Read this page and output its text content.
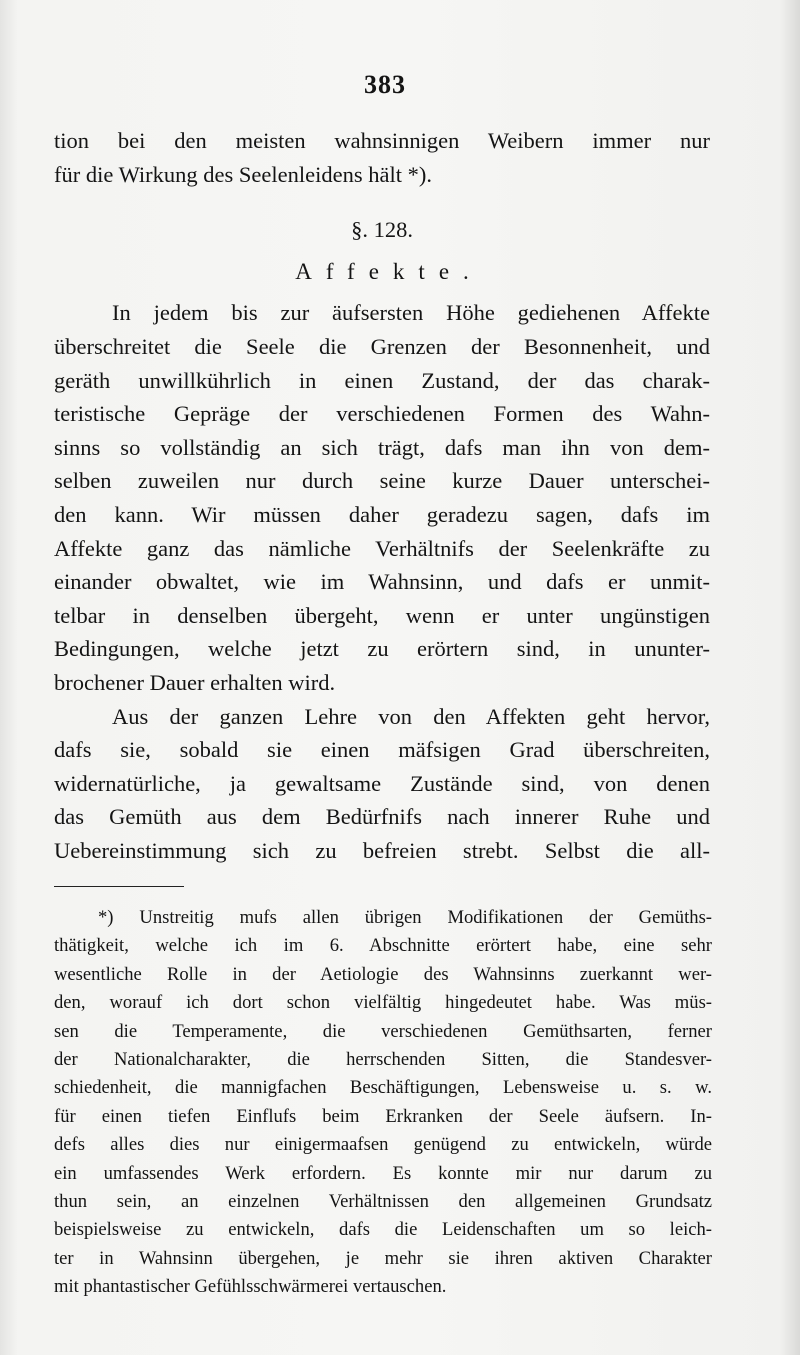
383

tion bei den meisten wahnsinnigen Weibern immer nur
für die Wirkung des Seelenleidens hält *).

§. 128.
Affekte.

In jedem bis zur äufsersten Höhe gediehenen Affekte
überschreitet die Seele die Grenzen der Besonnenheit, und
geräth unwillkührlich in einen Zustand, der das charak-
teristische Gepräge der verschiedenen Formen des Wahn-
sinns so vollständig an sich trägt, dafs man ihn von dem-
selben zuweilen nur durch seine kurze Dauer unterschei-
den kann. Wir müssen daher geradezu sagen, dafs im
Affekte ganz das nämliche Verhältnifs der Seelenkräfte zu
einander obwaltet, wie im Wahnsinn, und dafs er unmit-
telbar in denselben übergeht, wenn er unter ungünstigen
Bedingungen, welche jetzt zu erörtern sind, in ununter-
brochener Dauer erhalten wird.

Aus der ganzen Lehre von den Affekten geht hervor,
dafs sie, sobald sie einen mäfsigen Grad überschreiten,
widernatürliche, ja gewaltsame Zustände sind, von denen
das Gemüth aus dem Bedürfnifs nach innerer Ruhe und
Uebereinstimmung sich zu befreien strebt. Selbst die all-

*) Unstreitig mufs allen übrigen Modifikationen der Gemüths-
thätigkeit, welche ich im 6. Abschnitte erörtert habe, eine sehr
wesentliche Rolle in der Aetiologie des Wahnsinns zuerkannt wer-
den, worauf ich dort schon vielfältig hingedeutet habe. Was müs-
sen die Temperamente, die verschiedenen Gemüthsarten, ferner
der Nationalcharakter, die herrschenden Sitten, die Standesver-
schiedenheit, die mannigfachen Beschäftigungen, Lebensweise u. s. w.
für einen tiefen Einflufs beim Erkranken der Seele äufsern. In-
defs alles dies nur einigermaafsen genügend zu entwickeln, würde
ein umfassendes Werk erfordern. Es konnte mir nur darum zu
thun sein, an einzelnen Verhältnissen den allgemeinen Grundsatz
beispielsweise zu entwickeln, dafs die Leidenschaften um so leich-
ter in Wahnsinn übergehen, je mehr sie ihren aktiven Charakter
mit phantastischer Gefühlsschwärmerei vertauschen.
